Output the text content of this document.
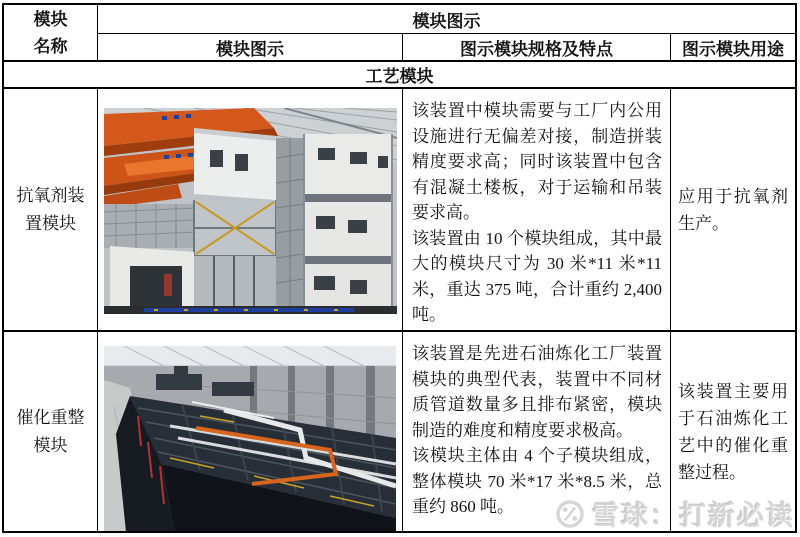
模块名称
模块图示
模块图示	图示模块规格及特点	图示模块用途
工艺模块
抗氧剂装置模块

该装置中模块需要与工厂内公用设施进行无偏差对接，制造拼装精度要求高；同时该装置中包含有混凝土楼板，对于运输和吊装要求高。

该装置由 10 个模块组成，其中最大的模块尺寸为 30 米*11 米*11 米，重达 375 吨，合计重约 2,400 吨。

应用于抗氧剂生产。
催化重整模块

该装置是先进石油炼化工厂装置模块的典型代表，装置中不同材质管道数量多且排布紧密，模块制造的难度和精度要求极高。

该模块主体由 4 个子模块组成，整体模块 70 米*17 米*8.5 米，总重约 860 吨。

该装置主要用于石油炼化工艺中的催化重整过程。
雪球：打新必读
